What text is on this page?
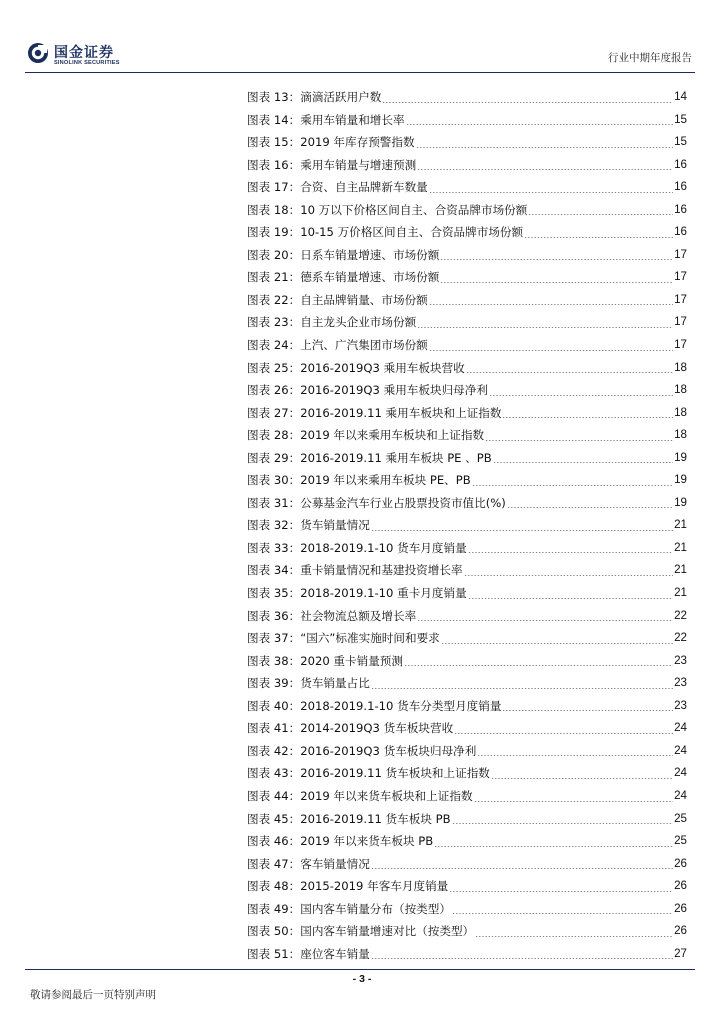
国金证券
SINOLINK SECURITIES	行业中期年度报告
图表 13：滴滴活跃用户数	14
图表 14：乘用车销量和增长率	15
图表 15：2019 年库存预警指数	15
图表 16：乘用车销量与增速预测	16
图表 17：合资、自主品牌新车数量	16
图表 18：10 万以下价格区间自主、合资品牌市场份额	16
图表 19：10-15 万价格区间自主、合资品牌市场份额	16
图表 20：日系车销量增速、市场份额	17
图表 21：德系车销量增速、市场份额	17
图表 22：自主品牌销量、市场份额	17
图表 23：自主龙头企业市场份额	17
图表 24：上汽、广汽集团市场份额	17
图表 25：2016-2019Q3 乘用车板块营收	18
图表 26：2016-2019Q3 乘用车板块归母净利	18
图表 27：2016-2019.11 乘用车板块和上证指数	18
图表 28：2019 年以来乘用车板块和上证指数	18
图表 29：2016-2019.11 乘用车板块 PE 、PB	19
图表 30：2019 年以来乘用车板块 PE、PB	19
图表 31：公募基金汽车行业占股票投资市值比(%)	19
图表 32：货车销量情况	21
图表 33：2018-2019.1-10 货车月度销量	21
图表 34：重卡销量情况和基建投资增长率	21
图表 35：2018-2019.1-10 重卡月度销量	21
图表 36：社会物流总额及增长率	22
图表 37：“国六”标准实施时间和要求	22
图表 38：2020 重卡销量预测	23
图表 39：货车销量占比	23
图表 40：2018-2019.1-10 货车分类型月度销量	23
图表 41：2014-2019Q3 货车板块营收	24
图表 42：2016-2019Q3 货车板块归母净利	24
图表 43：2016-2019.11 货车板块和上证指数	24
图表 44：2019 年以来货车板块和上证指数	24
图表 45：2016-2019.11 货车板块 PB	25
图表 46：2019 年以来货车板块 PB	25
图表 47：客车销量情况	26
图表 48：2015-2019 年客车月度销量	26
图表 49：国内客车销量分布（按类型）	26
图表 50：国内客车销量增速对比（按类型）	26
图表 51：座位客车销量	27
- 3 -
敬请参阅最后一页特别声明
